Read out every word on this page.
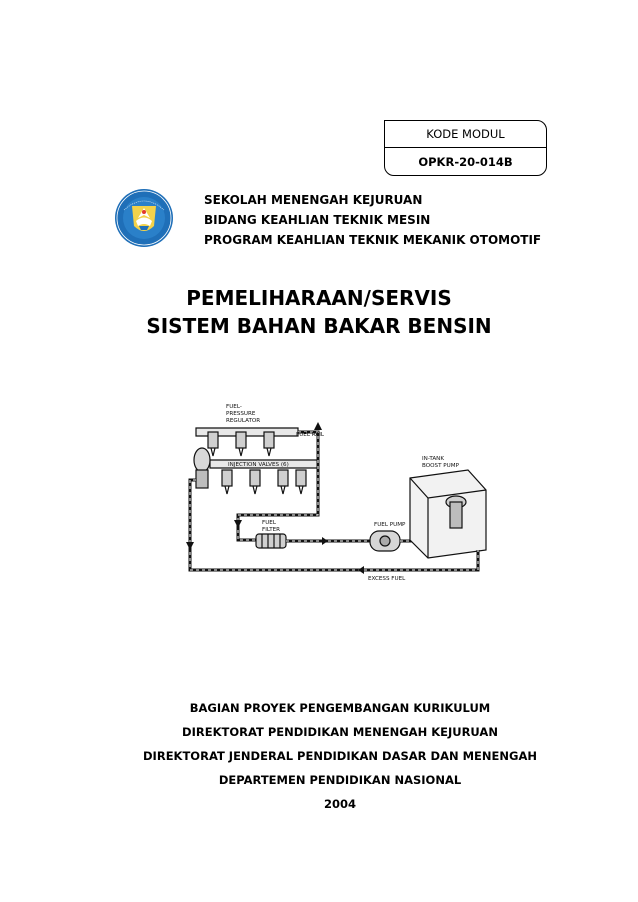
KODE MODUL
OPKR-20-014B
SEKOLAH MENENGAH KEJURUAN
BIDANG KEAHLIAN TEKNIK MESIN
PROGRAM KEAHLIAN TEKNIK MEKANIK OTOMOTIF
PEMELIHARAAN/SERVIS
SISTEM BAHAN BAKAR BENSIN
FUEL-
PRESSURE
REGULATOR
FUEL RAIL
INJECTION VALVES (6)
IN-TANK
BOOST PUMP
FUEL
FILTER
FUEL PUMP
EXCESS FUEL
BAGIAN PROYEK PENGEMBANGAN KURIKULUM
DIREKTORAT PENDIDIKAN MENENGAH KEJURUAN
DIREKTORAT JENDERAL PENDIDIKAN DASAR DAN MENENGAH
DEPARTEMEN PENDIDIKAN NASIONAL
2004
